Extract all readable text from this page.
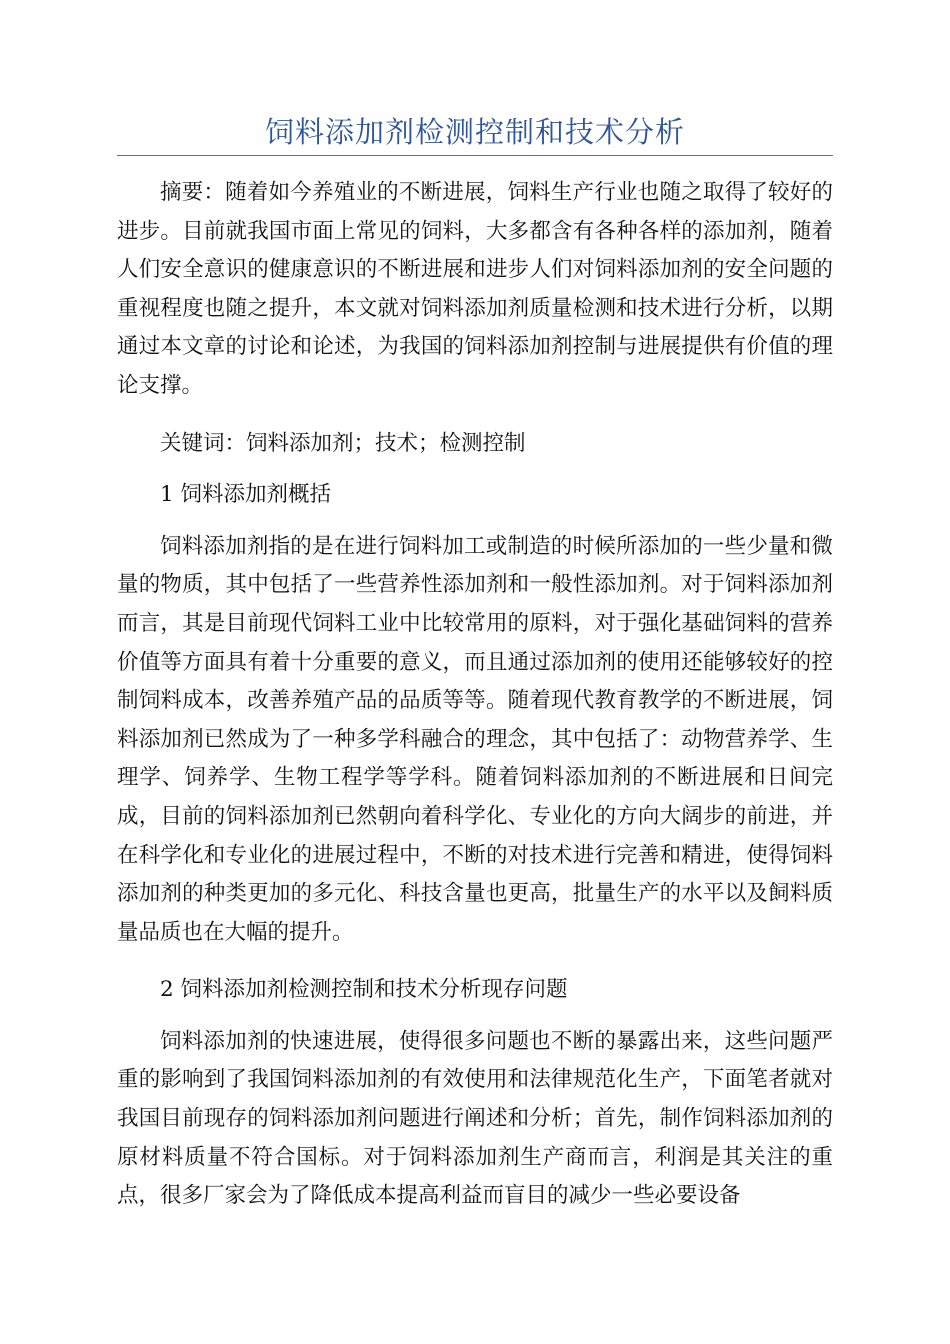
饲料添加剂检测控制和技术分析

摘要：随着如今养殖业的不断进展，饲料生产行业也随之取得了较好的进步。目前就我国市面上常见的饲料，大多都含有各种各样的添加剂，随着人们安全意识的健康意识的不断进展和进步人们对饲料添加剂的安全问题的重视程度也随之提升，本文就对饲料添加剂质量检测和技术进行分析，以期通过本文章的讨论和论述，为我国的饲料添加剂控制与进展提供有价值的理论支撑。

关键词：饲料添加剂；技术；检测控制

1 饲料添加剂概括

饲料添加剂指的是在进行饲料加工或制造的时候所添加的一些少量和微量的物质，其中包括了一些营养性添加剂和一般性添加剂。对于饲料添加剂而言，其是目前现代饲料工业中比较常用的原料，对于强化基础饲料的营养价值等方面具有着十分重要的意义，而且通过添加剂的使用还能够较好的控制饲料成本，改善养殖产品的品质等等。随着现代教育教学的不断进展，饲料添加剂已然成为了一种多学科融合的理念，其中包括了：动物营养学、生理学、饲养学、生物工程学等学科。随着饲料添加剂的不断进展和日间完成，目前的饲料添加剂已然朝向着科学化、专业化的方向大阔步的前进，并在科学化和专业化的进展过程中，不断的对技术进行完善和精进，使得饲料添加剂的种类更加的多元化、科技含量也更高，批量生产的水平以及飼料质量品质也在大幅的提升。

2 饲料添加剂检测控制和技术分析现存问题

饲料添加剂的快速进展，使得很多问题也不断的暴露出来，这些问题严重的影响到了我国饲料添加剂的有效使用和法律规范化生产，下面笔者就对我国目前现存的饲料添加剂问题进行阐述和分析；首先，制作饲料添加剂的原材料质量不符合国标。对于饲料添加剂生产商而言，利润是其关注的重点，很多厂家会为了降低成本提高利益而盲目的减少一些必要设备
